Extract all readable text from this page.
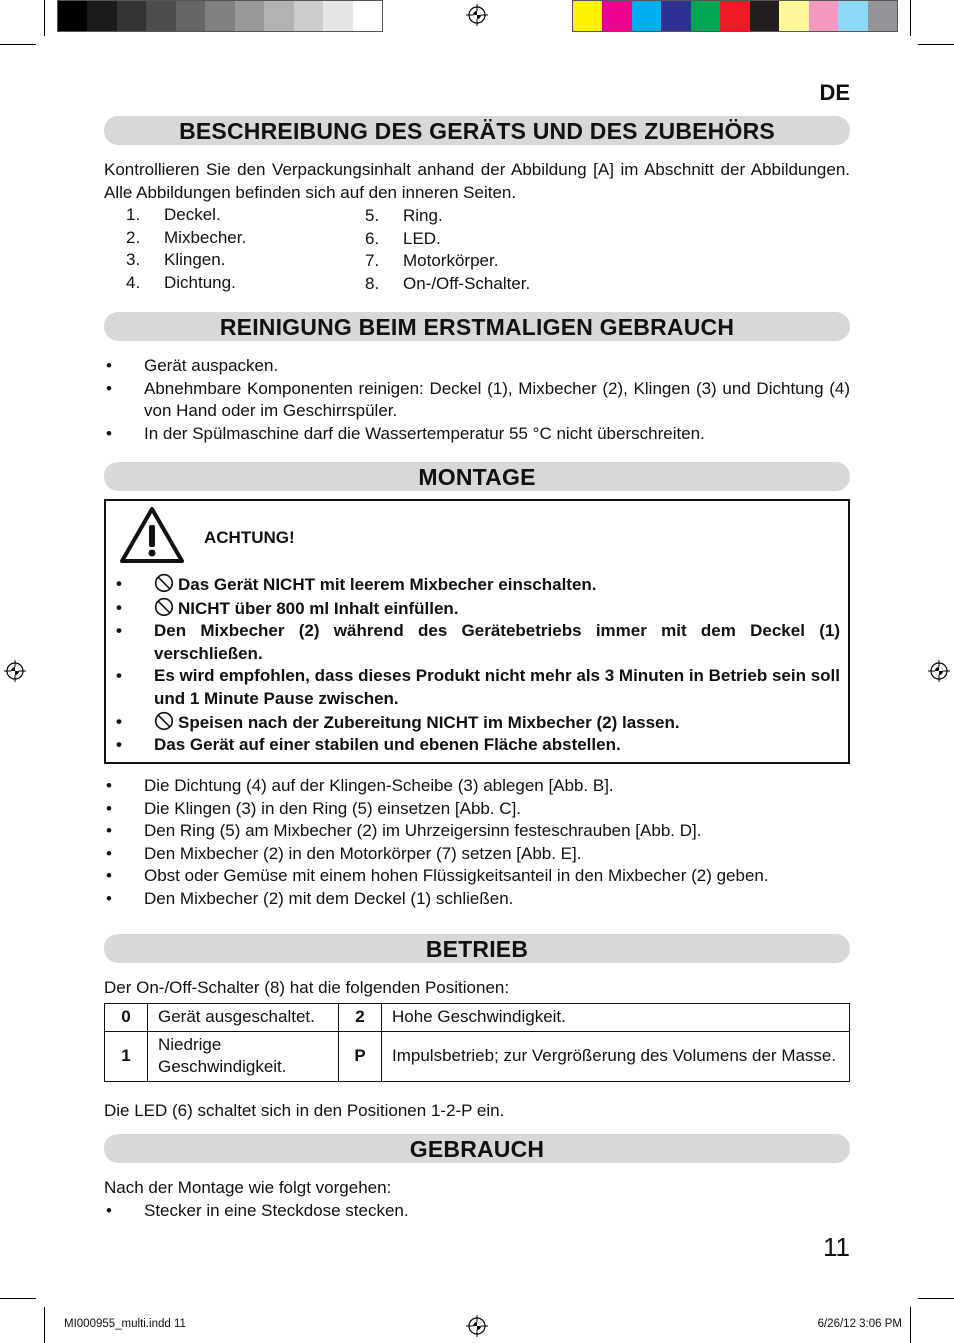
DE
BESCHREIBUNG DES GERÄTS UND DES ZUBEHÖRS
Kontrollieren Sie den Verpackungsinhalt anhand der Abbildung [A] im Abschnitt der Abbildungen. Alle Abbildungen befinden sich auf den inneren Seiten.
1.	Deckel.
2.	Mixbecher.
3.	Klingen.
4.	Dichtung.
5.	Ring.
6.	LED.
7.	Motorkörper.
8.	On-/Off-Schalter.
REINIGUNG BEIM ERSTMALIGEN GEBRAUCH
•	Gerät auspacken.
•	Abnehmbare Komponenten reinigen: Deckel (1), Mixbecher (2), Klingen (3) und Dichtung (4) von Hand oder im Geschirrspüler.
•	In der Spülmaschine darf die Wassertemperatur 55 °C nicht überschreiten.
MONTAGE
ACHTUNG!
•	Das Gerät NICHT mit leerem Mixbecher einschalten.
•	NICHT über 800 ml Inhalt einfüllen.
•	Den Mixbecher (2) während des Gerätebetriebs immer mit dem Deckel (1) verschließen.
•	Es wird empfohlen, dass dieses Produkt nicht mehr als 3 Minuten in Betrieb sein soll und 1 Minute Pause zwischen.
•	Speisen nach der Zubereitung NICHT im Mixbecher (2) lassen.
•	Das Gerät auf einer stabilen und ebenen Fläche abstellen.
•	Die Dichtung (4) auf der Klingen-Scheibe (3) ablegen [Abb. B].
•	Die Klingen (3) in den Ring (5) einsetzen [Abb. C].
•	Den Ring (5) am Mixbecher (2) im Uhrzeigersinn festeschrauben [Abb. D].
•	Den Mixbecher (2) in den Motorkörper (7) setzen [Abb. E].
•	Obst oder Gemüse mit einem hohen Flüssigkeitsanteil in den Mixbecher (2) geben.
•	Den Mixbecher (2) mit dem Deckel (1) schließen.
BETRIEB
Der On-/Off-Schalter (8) hat die folgenden Positionen:
0	Gerät ausgeschaltet.	2	Hohe Geschwindigkeit.
1	Niedrige Geschwindigkeit.	P	Impulsbetrieb; zur Vergrößerung des Volumens der Masse.
Die LED (6) schaltet sich in den Positionen 1-2-P ein.
GEBRAUCH
Nach der Montage wie folgt vorgehen:
•	Stecker in eine Steckdose stecken.
11
MI000955_multi.indd 11	6/26/12 3:06 PM
